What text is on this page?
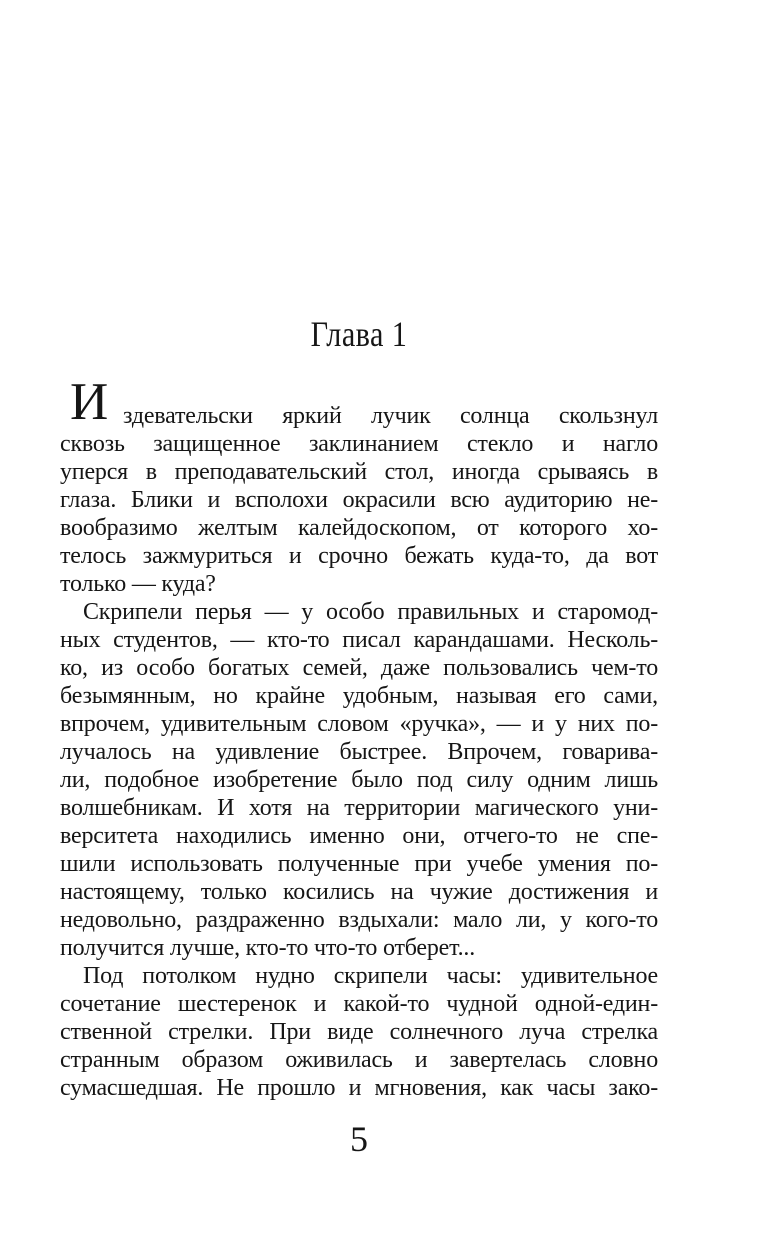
Глава 1
И здевательски яркий лучик солнца скользнул
сквозь защищенное заклинанием стекло и нагло
уперся в преподавательский стол, иногда срываясь в
глаза. Блики и всполохи окрасили всю аудиторию не-
вообразимо желтым калейдоскопом, от которого хо-
телось зажмуриться и срочно бежать куда-то, да вот
только — куда?
Скрипели перья — у особо правильных и старомод-
ных студентов, — кто-то писал карандашами. Несколь-
ко, из особо богатых семей, даже пользовались чем-то
безымянным, но крайне удобным, называя его сами,
впрочем, удивительным словом «ручка», — и у них по-
лучалось на удивление быстрее. Впрочем, говарива-
ли, подобное изобретение было под силу одним лишь
волшебникам. И хотя на территории магического уни-
верситета находились именно они, отчего-то не спе-
шили использовать полученные при учебе умения по-
настоящему, только косились на чужие достижения и
недовольно, раздраженно вздыхали: мало ли, у кого-то
получится лучше, кто-то что-то отберет...
Под потолком нудно скрипели часы: удивительное
сочетание шестеренок и какой-то чудной одной-един-
ственной стрелки. При виде солнечного луча стрелка
странным образом оживилась и завертелась словно
сумасшедшая. Не прошло и мгновения, как часы зако-
5
